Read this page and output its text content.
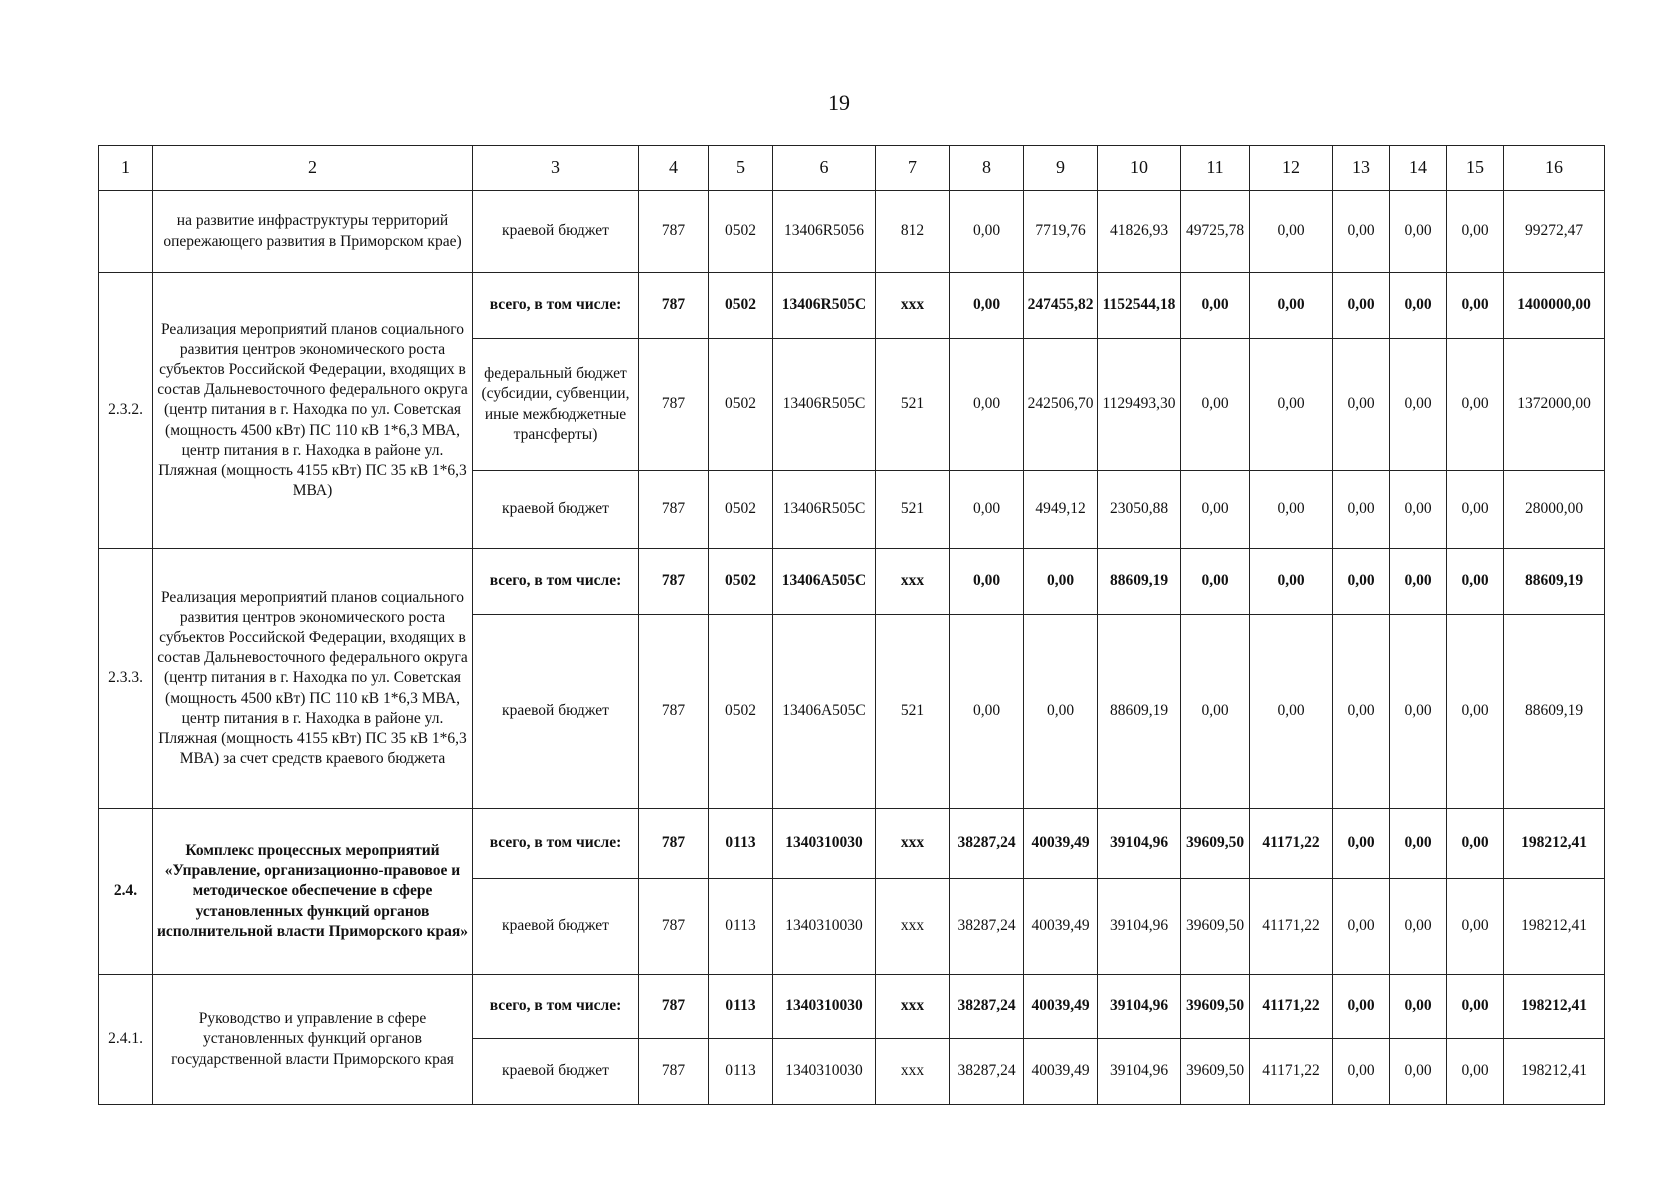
19
1	2	3	4	5	6	7	8	9	10	11	12	13	14	15	16
	на развитие инфраструктуры территорий опережающего развития в Приморском крае)	краевой бюджет	787	0502	13406R5056	812	0,00	7719,76	41826,93	49725,78	0,00	0,00	0,00	0,00	99272,47
2.3.2.	Реализация мероприятий планов социального развития центров экономического роста субъектов Российской Федерации, входящих в состав Дальневосточного федерального округа (центр питания в г. Находка по ул. Советская (мощность 4500 кВт) ПС 110 кВ 1*6,3 МВА, центр питания в г. Находка в районе ул. Пляжная (мощность 4155 кВт) ПС 35 кВ 1*6,3 МВА)	всего, в том числе:	787	0502	13406R505С	ххх	0,00	247455,82	1152544,18	0,00	0,00	0,00	0,00	0,00	1400000,00
		федеральный бюджет (субсидии, субвенции, иные межбюджетные трансферты)	787	0502	13406R505С	521	0,00	242506,70	1129493,30	0,00	0,00	0,00	0,00	0,00	1372000,00
		краевой бюджет	787	0502	13406R505С	521	0,00	4949,12	23050,88	0,00	0,00	0,00	0,00	0,00	28000,00
2.3.3.	Реализация мероприятий планов социального развития центров экономического роста субъектов Российской Федерации, входящих в состав Дальневосточного федерального округа (центр питания в г. Находка по ул. Советская (мощность 4500 кВт) ПС 110 кВ 1*6,3 МВА, центр питания в г. Находка в районе ул. Пляжная (мощность 4155 кВт) ПС 35 кВ 1*6,3 МВА) за счет средств краевого бюджета	всего, в том числе:	787	0502	13406А505С	ххх	0,00	0,00	88609,19	0,00	0,00	0,00	0,00	0,00	88609,19
		краевой бюджет	787	0502	13406А505С	521	0,00	0,00	88609,19	0,00	0,00	0,00	0,00	0,00	88609,19
2.4.	Комплекс процессных мероприятий «Управление, организационно-правовое и методическое обеспечение в сфере установленных функций органов исполнительной власти Приморского края»	всего, в том числе:	787	0113	1340310030	ххх	38287,24	40039,49	39104,96	39609,50	41171,22	0,00	0,00	0,00	198212,41
		краевой бюджет	787	0113	1340310030	ххх	38287,24	40039,49	39104,96	39609,50	41171,22	0,00	0,00	0,00	198212,41
2.4.1.	Руководство и управление в сфере установленных функций органов государственной власти Приморского края	всего, в том числе:	787	0113	1340310030	ххх	38287,24	40039,49	39104,96	39609,50	41171,22	0,00	0,00	0,00	198212,41
		краевой бюджет	787	0113	1340310030	ххх	38287,24	40039,49	39104,96	39609,50	41171,22	0,00	0,00	0,00	198212,41
